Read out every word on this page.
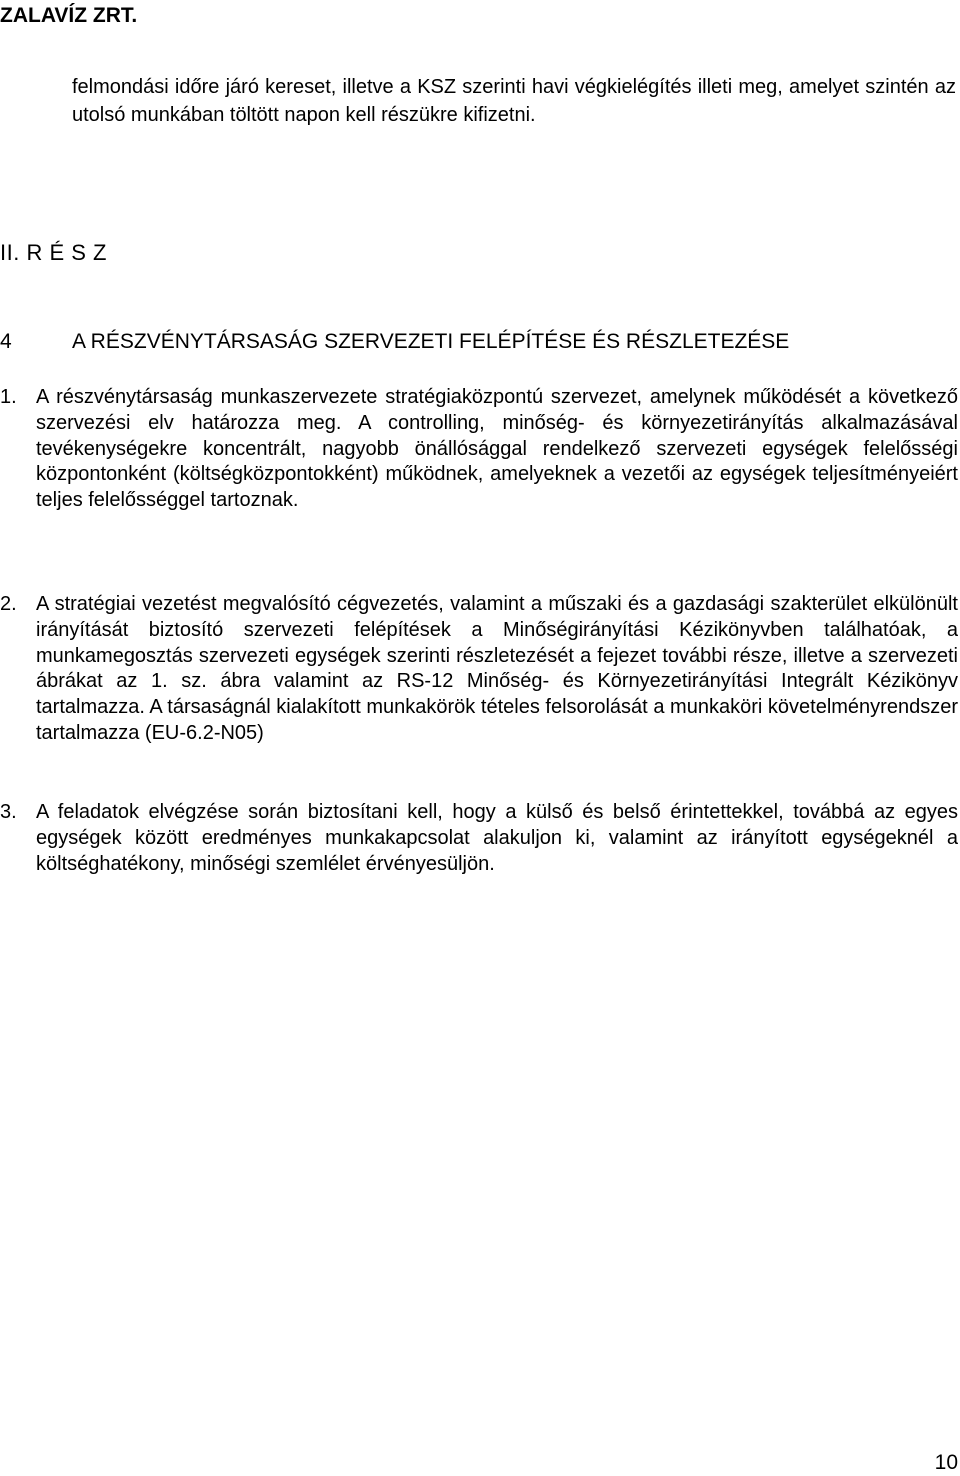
ZALAVÍZ ZRT.
felmondási időre járó kereset, illetve a KSZ szerinti havi végkielégítés illeti meg, amelyet szintén az utolsó munkában töltött napon kell részükre kifizetni.
II. R É S Z
4	A RÉSZVÉNYTÁRSASÁG SZERVEZETI FELÉPÍTÉSE ÉS RÉSZLETEZÉSE
1. A részvénytársaság munkaszervezete stratégiaközpontú szervezet, amelynek működését a következő szervezési elv határozza meg. A controlling, minőség- és környezetirányítás alkalmazásával tevékenységekre koncentrált, nagyobb önállósággal rendelkező szervezeti egységek felelősségi központonként (költségközpontokként) működnek, amelyeknek a vezetői az egységek teljesítményeiért teljes felelősséggel tartoznak.
2. A stratégiai vezetést megvalósító cégvezetés, valamint a műszaki és a gazdasági szakterület elkülönült irányítását biztosító szervezeti felépítések a Minőségirányítási Kézikönyvben találhatóak, a munkamegosztás szervezeti egységek szerinti részletezését a fejezet további része, illetve a szervezeti ábrákat az 1. sz. ábra valamint az RS-12 Minőség- és Környezetirányítási Integrált Kézikönyv tartalmazza. A társaságnál kialakított munkakörök tételes felsorolását a munkaköri követelményrendszer tartalmazza (EU-6.2-N05)
3. A feladatok elvégzése során biztosítani kell, hogy a külső és belső érintettekkel, továbbá az egyes egységek között eredményes munkakapcsolat alakuljon ki, valamint az irányított egységeknél a költséghatékony, minőségi szemlélet érvényesüljön.
10
